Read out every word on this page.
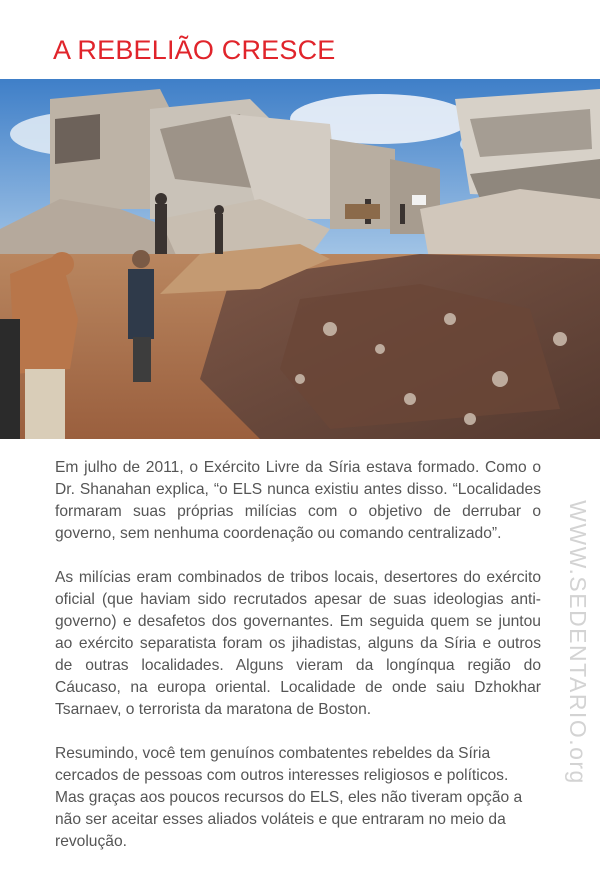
A REBELIÃO CRESCE

Em julho de 2011, o Exército Livre da Síria estava formado. Como o Dr. Shanahan explica, “o ELS nunca existiu antes disso. “Localidades formaram suas próprias milícias com o objetivo de derrubar o governo, sem nenhuma coordenação ou comando centralizado”.

As milícias eram combinados de tribos locais, desertores do exército oficial (que haviam sido recrutados apesar de suas ideologias anti-governo) e desafetos dos governantes. Em seguida quem se juntou ao exército separatista foram os jihadistas, alguns da Síria e outros de outras localidades. Alguns vieram da longínqua região do Cáucaso, na europa oriental. Localidade de onde saiu Dzhokhar Tsarnaev, o terrorista da maratona de Boston.

Resumindo, você tem genuínos combatentes rebeldes da Síria cercados de pessoas com outros interesses religiosos e políticos. Mas graças aos poucos recursos do ELS, eles não tiveram opção a não ser aceitar esses aliados voláteis e que entraram no meio da revolução.

WWW.SEDENTARIO.org
